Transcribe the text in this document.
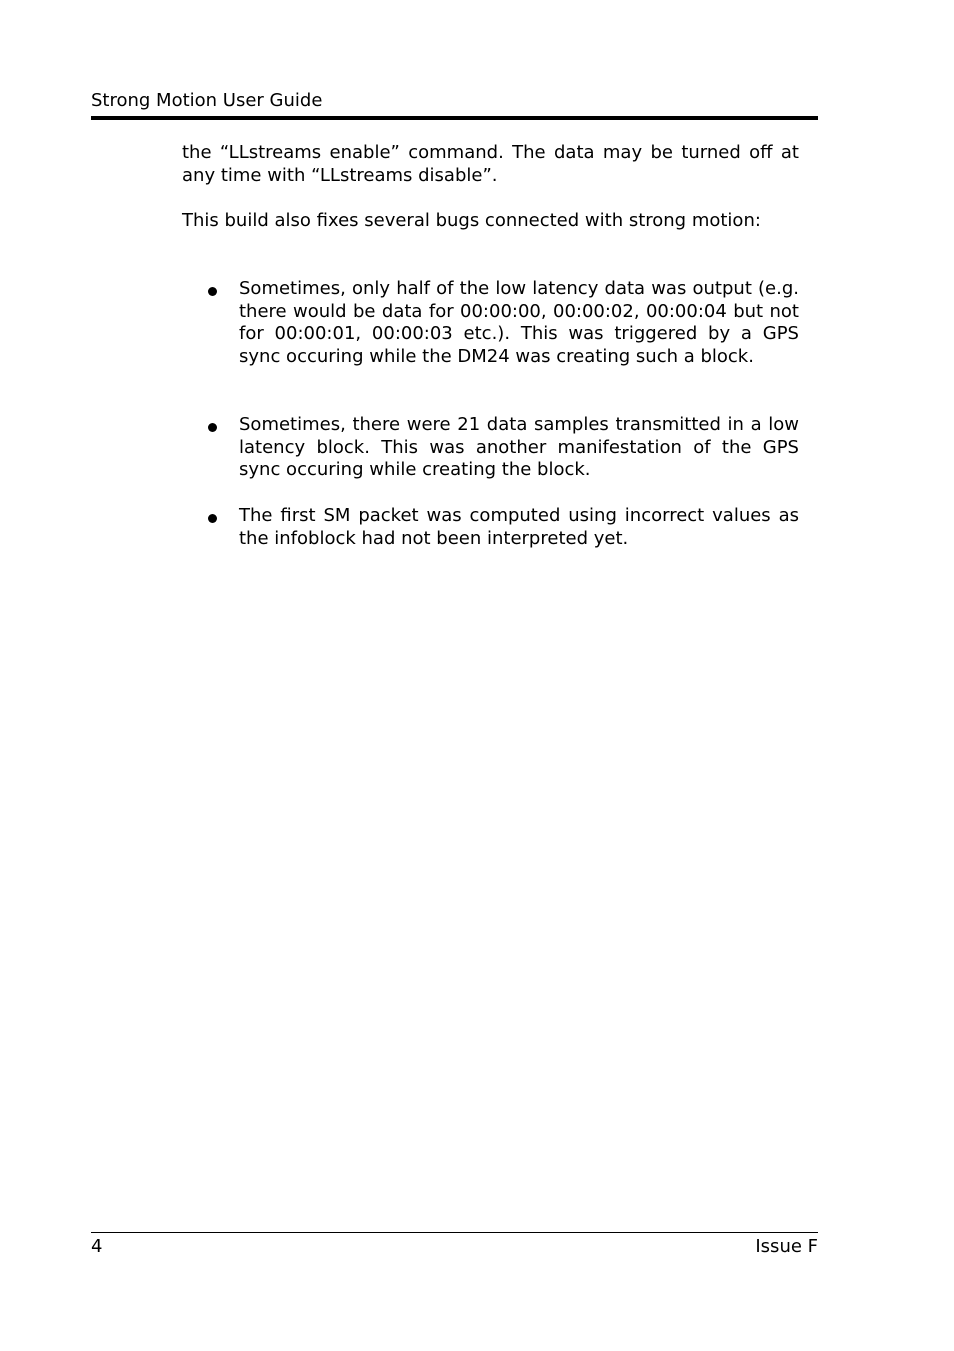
Strong Motion User Guide
the “LLstreams enable” command. The data may be turned off at any time with “LLstreams disable”.
This build also fixes several bugs connected with strong motion:
Sometimes, only half of the low latency data was output (e.g. there would be data for 00:00:00, 00:00:02, 00:00:04 but not for 00:00:01, 00:00:03 etc.). This was triggered by a GPS sync occuring while the DM24 was creating such a block.
Sometimes, there were 21 data samples transmitted in a low latency block. This was another manifestation of the GPS sync occuring while creating the block.
The first SM packet was computed using incorrect values as the infoblock had not been interpreted yet.
4	Issue F
